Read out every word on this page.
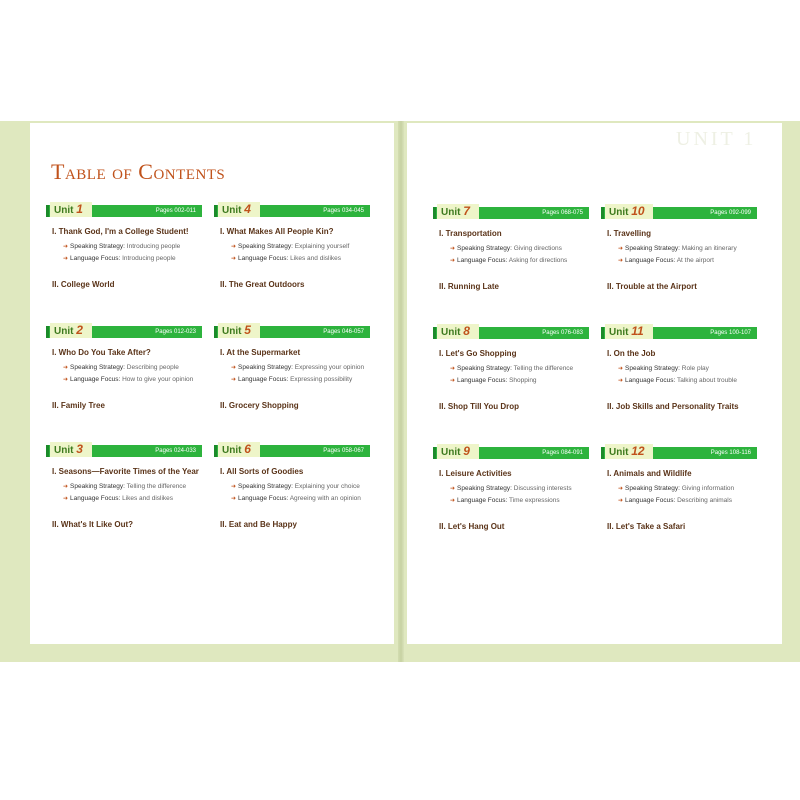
UNIT 1
Table of Contents
Unit 1	Pages 002-011
I. Thank God, I'm a College Student!
➜ Speaking Strategy: Introducing people
➜ Language Focus: Introducing people
II. College World
Unit 2	Pages 012-023
I. Who Do You Take After?
➜ Speaking Strategy: Describing people
➜ Language Focus: How to give your opinion
II. Family Tree
Unit 3	Pages 024-033
I. Seasons—Favorite Times of the Year
➜ Speaking Strategy: Telling the difference
➜ Language Focus: Likes and dislikes
II. What's It Like Out?
Unit 4	Pages 034-045
I. What Makes All People Kin?
➜ Speaking Strategy: Explaining yourself
➜ Language Focus: Likes and dislikes
II. The Great Outdoors
Unit 5	Pages 046-057
I. At the Supermarket
➜ Speaking Strategy: Expressing your opinion
➜ Language Focus: Expressing possibility
II. Grocery Shopping
Unit 6	Pages 058-067
I. All Sorts of Goodies
➜ Speaking Strategy: Explaining your choice
➜ Language Focus: Agreeing with an opinion
II. Eat and Be Happy
Unit 7	Pages 068-075
I. Transportation
➜ Speaking Strategy: Giving directions
➜ Language Focus: Asking for directions
II. Running Late
Unit 8	Pages 076-083
I. Let's Go Shopping
➜ Speaking Strategy: Telling the difference
➜ Language Focus: Shopping
II. Shop Till You Drop
Unit 9	Pages 084-091
I. Leisure Activities
➜ Speaking Strategy: Discussing interests
➜ Language Focus: Time expressions
II. Let's Hang Out
Unit 10	Pages 092-099
I. Travelling
➜ Speaking Strategy: Making an itinerary
➜ Language Focus: At the airport
II. Trouble at the Airport
Unit 11	Pages 100-107
I. On the Job
➜ Speaking Strategy: Role play
➜ Language Focus: Talking about trouble
II. Job Skills and Personality Traits
Unit 12	Pages 108-116
I. Animals and Wildlife
➜ Speaking Strategy: Giving information
➜ Language Focus: Describing animals
II. Let's Take a Safari
